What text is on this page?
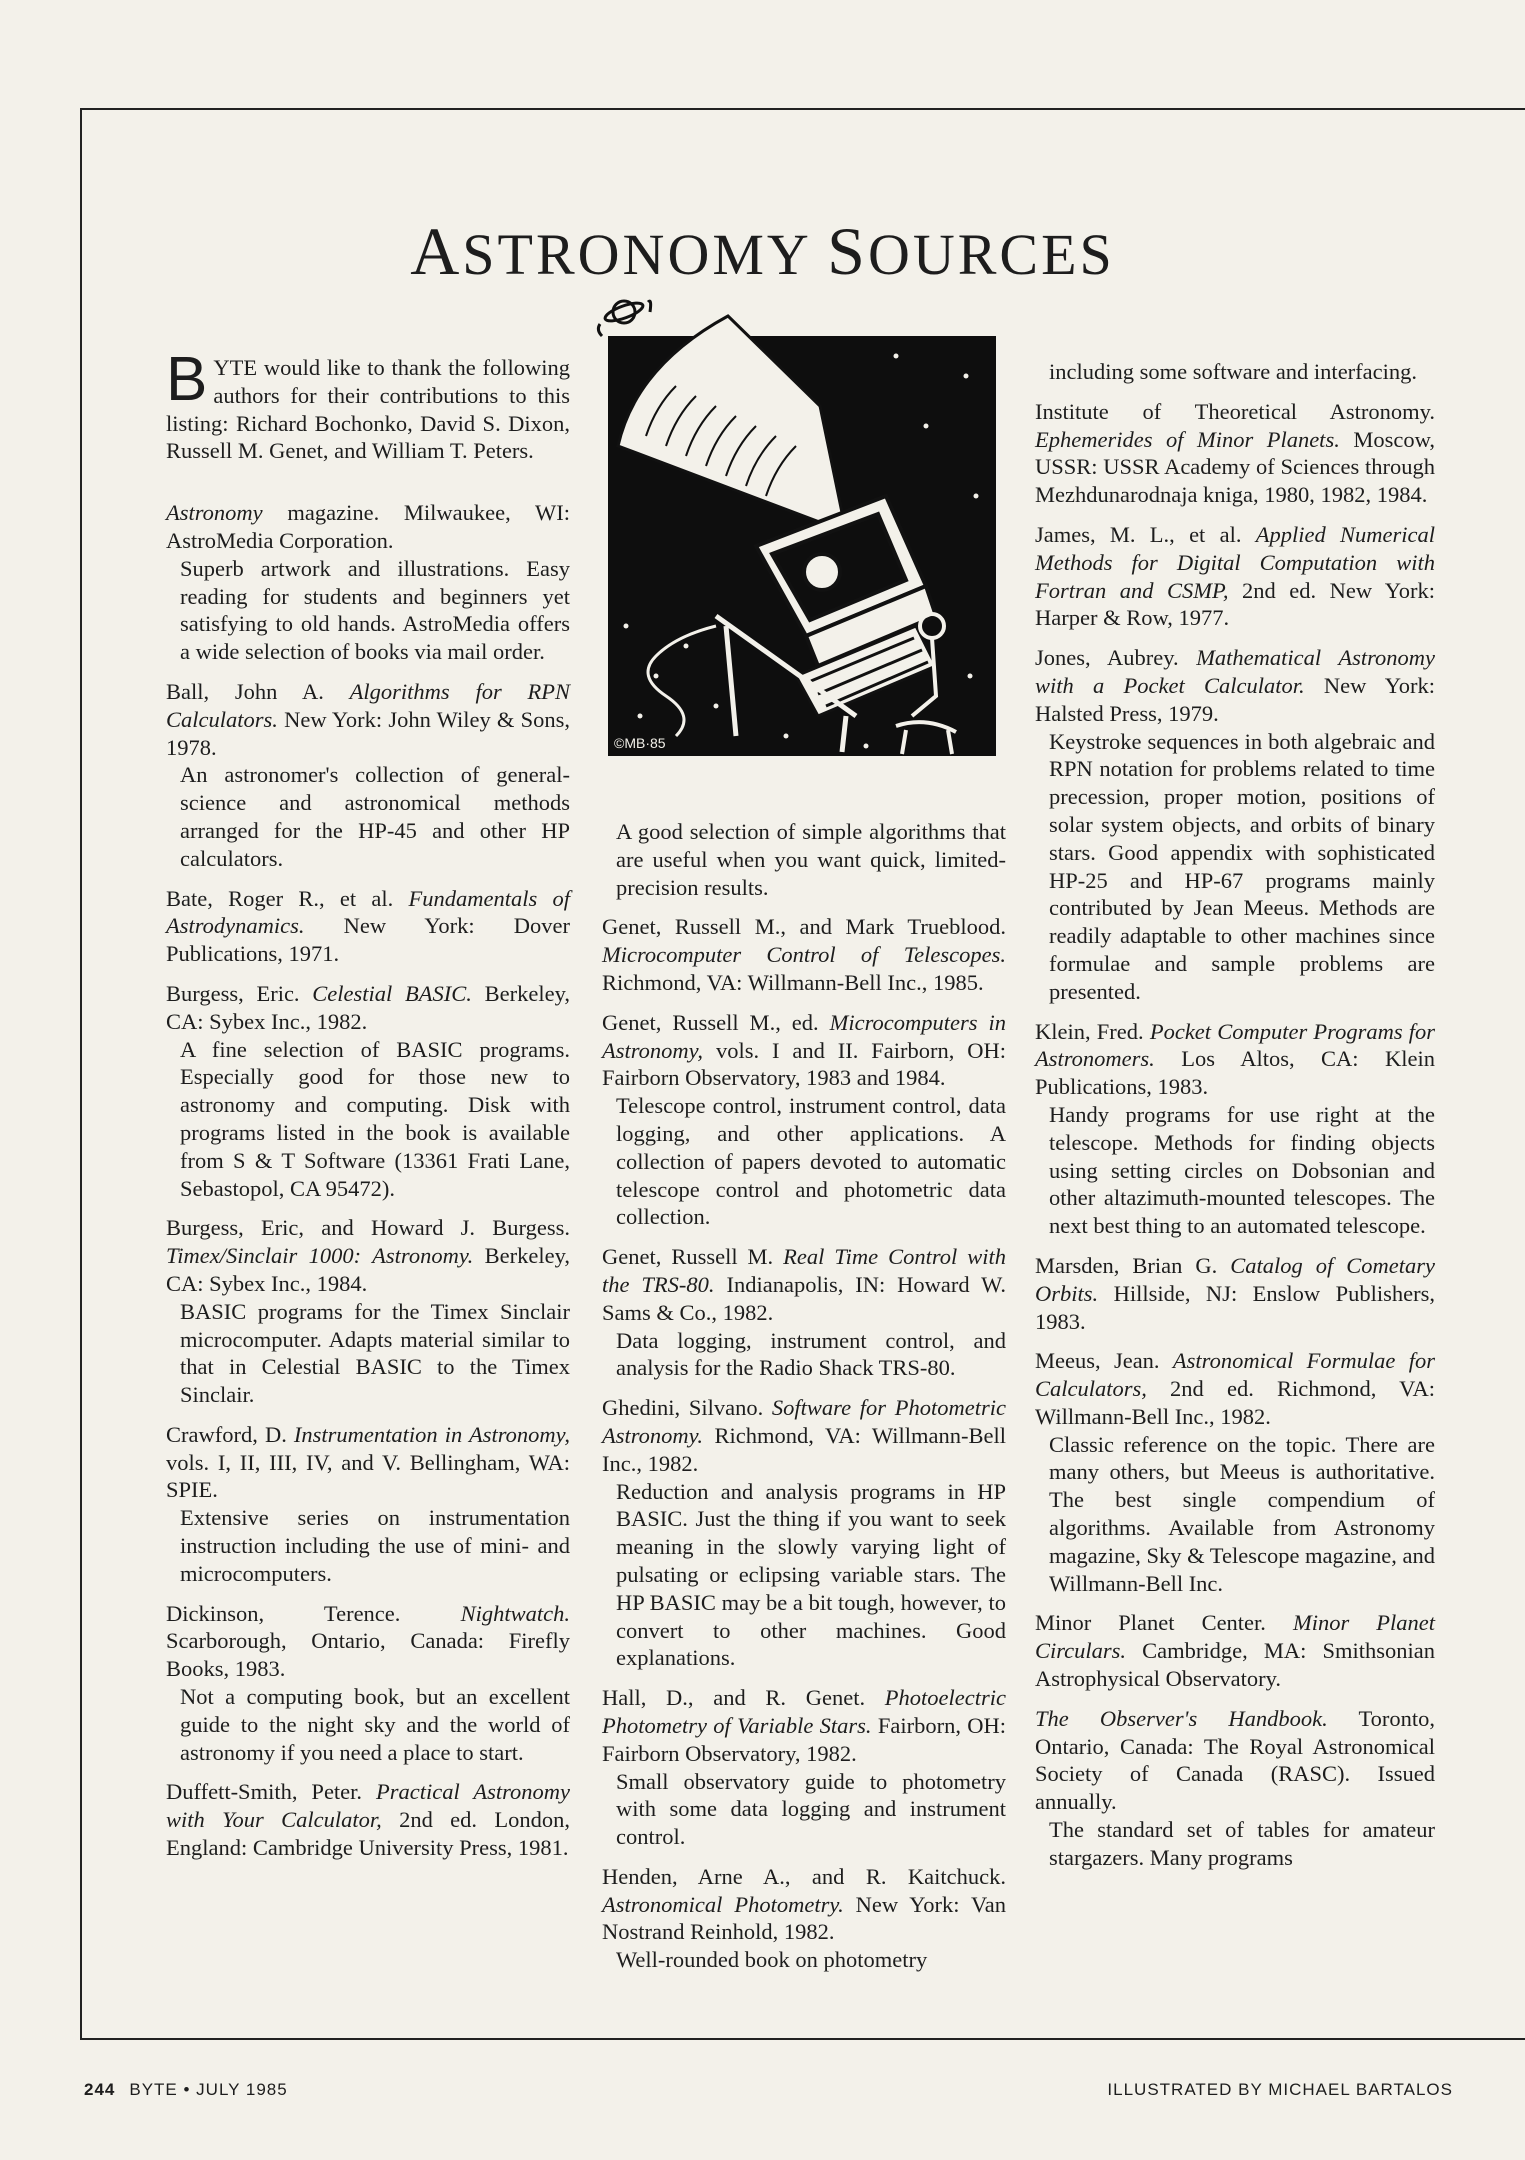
ASTRONOMY SOURCES
©MB·85

BYTE would like to thank the following authors for their contributions to this listing: Richard Bochonko, David S. Dixon, Russell M. Genet, and William T. Peters.

Astronomy magazine. Milwaukee, WI: AstroMedia Corporation.
Superb artwork and illustrations. Easy reading for students and beginners yet satisfying to old hands. AstroMedia offers a wide selection of books via mail order.

Ball, John A. Algorithms for RPN Calculators. New York: John Wiley & Sons, 1978.
An astronomer's collection of general-science and astronomical methods arranged for the HP-45 and other HP calculators.

Bate, Roger R., et al. Fundamentals of Astrodynamics. New York: Dover Publications, 1971.

Burgess, Eric. Celestial BASIC. Berkeley, CA: Sybex Inc., 1982.
A fine selection of BASIC programs. Especially good for those new to astronomy and computing. Disk with programs listed in the book is available from S & T Software (13361 Frati Lane, Sebastopol, CA 95472).

Burgess, Eric, and Howard J. Burgess. Timex/Sinclair 1000: Astronomy. Berkeley, CA: Sybex Inc., 1984.
BASIC programs for the Timex Sinclair microcomputer. Adapts material similar to that in Celestial BASIC to the Timex Sinclair.

Crawford, D. Instrumentation in Astronomy, vols. I, II, III, IV, and V. Bellingham, WA: SPIE.
Extensive series on instrumentation instruction including the use of mini- and microcomputers.

Dickinson, Terence. Nightwatch. Scarborough, Ontario, Canada: Firefly Books, 1983.
Not a computing book, but an excellent guide to the night sky and the world of astronomy if you need a place to start.

Duffett-Smith, Peter. Practical Astronomy with Your Calculator, 2nd ed. London, England: Cambridge University Press, 1981.

A good selection of simple algorithms that are useful when you want quick, limited-precision results.

Genet, Russell M., and Mark Trueblood. Microcomputer Control of Telescopes. Richmond, VA: Willmann-Bell Inc., 1985.

Genet, Russell M., ed. Microcomputers in Astronomy, vols. I and II. Fairborn, OH: Fairborn Observatory, 1983 and 1984.
Telescope control, instrument control, data logging, and other applications. A collection of papers devoted to automatic telescope control and photometric data collection.

Genet, Russell M. Real Time Control with the TRS-80. Indianapolis, IN: Howard W. Sams & Co., 1982.
Data logging, instrument control, and analysis for the Radio Shack TRS-80.

Ghedini, Silvano. Software for Photometric Astronomy. Richmond, VA: Willmann-Bell Inc., 1982.
Reduction and analysis programs in HP BASIC. Just the thing if you want to seek meaning in the slowly varying light of pulsating or eclipsing variable stars. The HP BASIC may be a bit tough, however, to convert to other machines. Good explanations.

Hall, D., and R. Genet. Photoelectric Photometry of Variable Stars. Fairborn, OH: Fairborn Observatory, 1982.
Small observatory guide to photometry with some data logging and instrument control.

Henden, Arne A., and R. Kaitchuck. Astronomical Photometry. New York: Van Nostrand Reinhold, 1982.
Well-rounded book on photometry

including some software and interfacing.

Institute of Theoretical Astronomy. Ephemerides of Minor Planets. Moscow, USSR: USSR Academy of Sciences through Mezhdunarodnaja kniga, 1980, 1982, 1984.

James, M. L., et al. Applied Numerical Methods for Digital Computation with Fortran and CSMP, 2nd ed. New York: Harper & Row, 1977.

Jones, Aubrey. Mathematical Astronomy with a Pocket Calculator. New York: Halsted Press, 1979.
Keystroke sequences in both algebraic and RPN notation for problems related to time precession, proper motion, positions of solar system objects, and orbits of binary stars. Good appendix with sophisticated HP-25 and HP-67 programs mainly contributed by Jean Meeus. Methods are readily adaptable to other machines since formulae and sample problems are presented.

Klein, Fred. Pocket Computer Programs for Astronomers. Los Altos, CA: Klein Publications, 1983.
Handy programs for use right at the telescope. Methods for finding objects using setting circles on Dobsonian and other altazimuth-mounted telescopes. The next best thing to an automated telescope.

Marsden, Brian G. Catalog of Cometary Orbits. Hillside, NJ: Enslow Publishers, 1983.

Meeus, Jean. Astronomical Formulae for Calculators, 2nd ed. Richmond, VA: Willmann-Bell Inc., 1982.
Classic reference on the topic. There are many others, but Meeus is authoritative. The best single compendium of algorithms. Available from Astronomy magazine, Sky & Telescope magazine, and Willmann-Bell Inc.

Minor Planet Center. Minor Planet Circulars. Cambridge, MA: Smithsonian Astrophysical Observatory.

The Observer's Handbook. Toronto, Ontario, Canada: The Royal Astronomical Society of Canada (RASC). Issued annually.
The standard set of tables for amateur stargazers. Many programs

244 BYTE • JULY 1985	ILLUSTRATED BY MICHAEL BARTALOS
